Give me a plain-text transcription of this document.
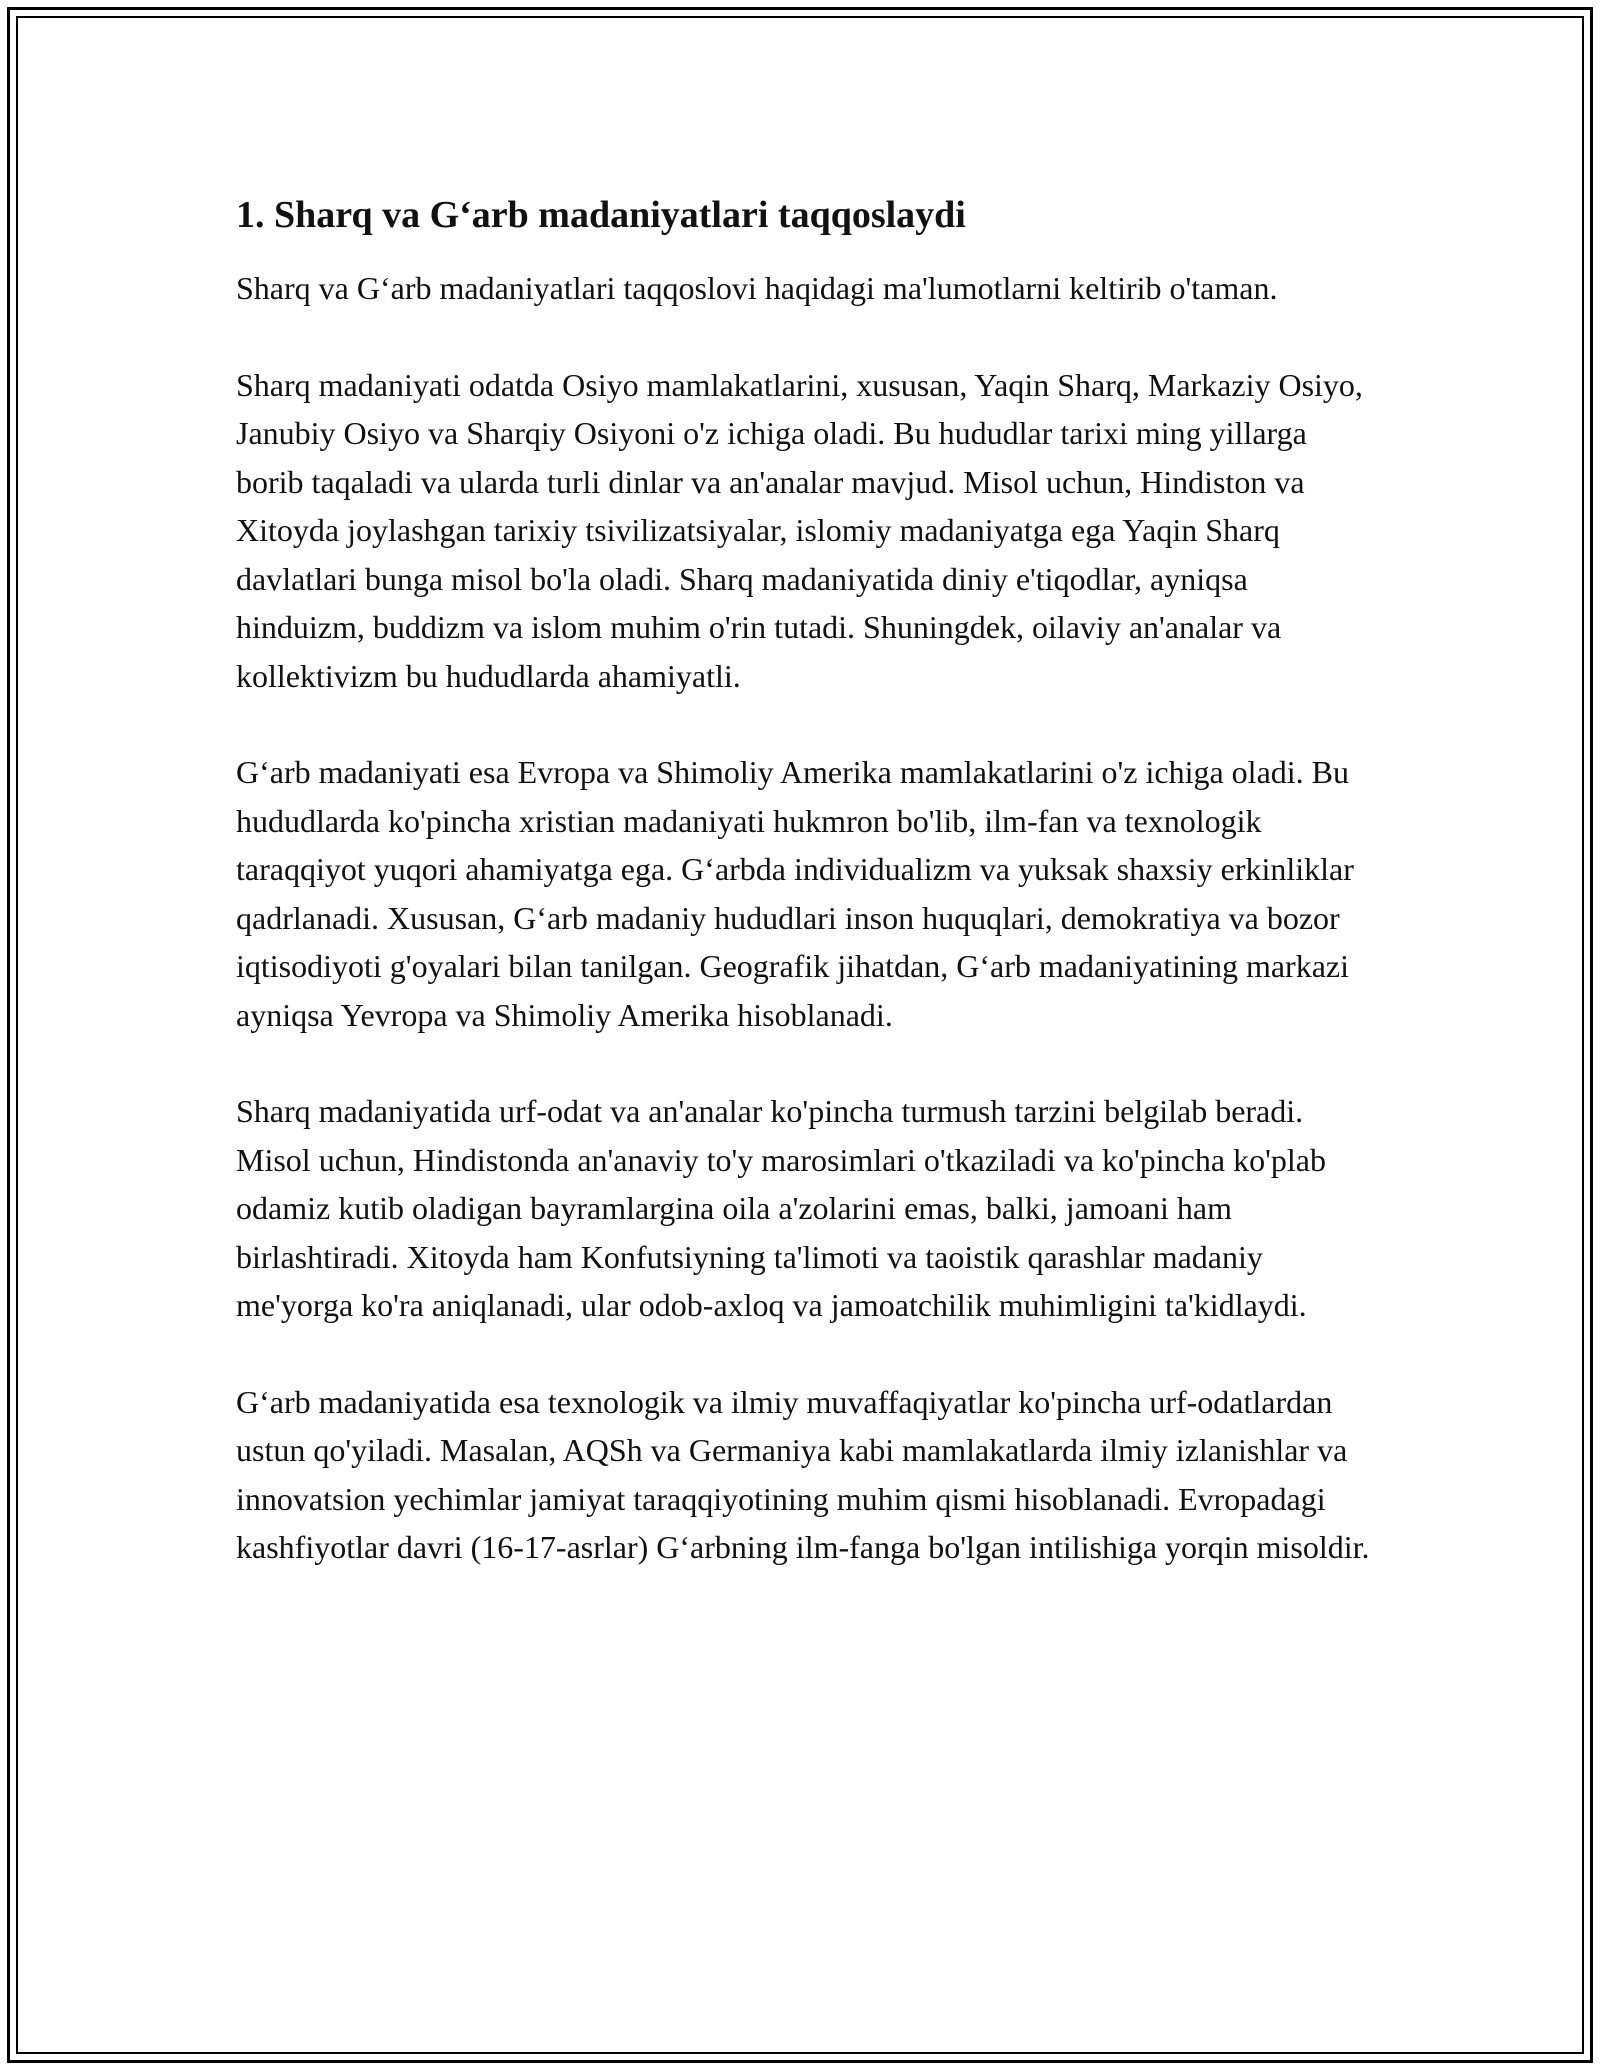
1. Sharq va G‘arb madaniyatlari taqqoslaydi

Sharq va G‘arb madaniyatlari taqqoslovi haqidagi ma'lumotlarni keltirib o'taman.

Sharq madaniyati odatda Osiyo mamlakatlarini, xususan, Yaqin Sharq, Markaziy Osiyo, Janubiy Osiyo va Sharqiy Osiyoni o'z ichiga oladi. Bu hududlar tarixi ming yillarga borib taqaladi va ularda turli dinlar va an'analar mavjud. Misol uchun, Hindiston va Xitoyda joylashgan tarixiy tsivilizatsiyalar, islomiy madaniyatga ega Yaqin Sharq davlatlari bunga misol bo'la oladi. Sharq madaniyatida diniy e'tiqodlar, ayniqsa hinduizm, buddizm va islom muhim o'rin tutadi. Shuningdek, oilaviy an'analar va kollektivizm bu hududlarda ahamiyatli.

G‘arb madaniyati esa Evropa va Shimoliy Amerika mamlakatlarini o'z ichiga oladi. Bu hududlarda ko'pincha xristian madaniyati hukmron bo'lib, ilm-fan va texnologik taraqqiyot yuqori ahamiyatga ega. G‘arbda individualizm va yuksak shaxsiy erkinliklar qadrlanadi. Xususan, G‘arb madaniy hududlari inson huquqlari, demokratiya va bozor iqtisodiyoti g'oyalari bilan tanilgan. Geografik jihatdan, G‘arb madaniyatining markazi ayniqsa Yevropa va Shimoliy Amerika hisoblanadi.

Sharq madaniyatida urf-odat va an'analar ko'pincha turmush tarzini belgilab beradi. Misol uchun, Hindistonda an'anaviy to'y marosimlari o'tkaziladi va ko'pincha ko'plab odamiz kutib oladigan bayramlargina oila a'zolarini emas, balki, jamoani ham birlashtiradi. Xitoyda ham Konfutsiyning ta'limoti va taoistik qarashlar madaniy me'yorga ko'ra aniqlanadi, ular odob-axloq va jamoatchilik muhimligini ta'kidlaydi.

G‘arb madaniyatida esa texnologik va ilmiy muvaffaqiyatlar ko'pincha urf-odatlardan ustun qo'yiladi. Masalan, AQSh va Germaniya kabi mamlakatlarda ilmiy izlanishlar va innovatsion yechimlar jamiyat taraqqiyotining muhim qismi hisoblanadi. Evropadagi kashfiyotlar davri (16-17-asrlar) G‘arbning ilm-fanga bo'lgan intilishiga yorqin misoldir.
